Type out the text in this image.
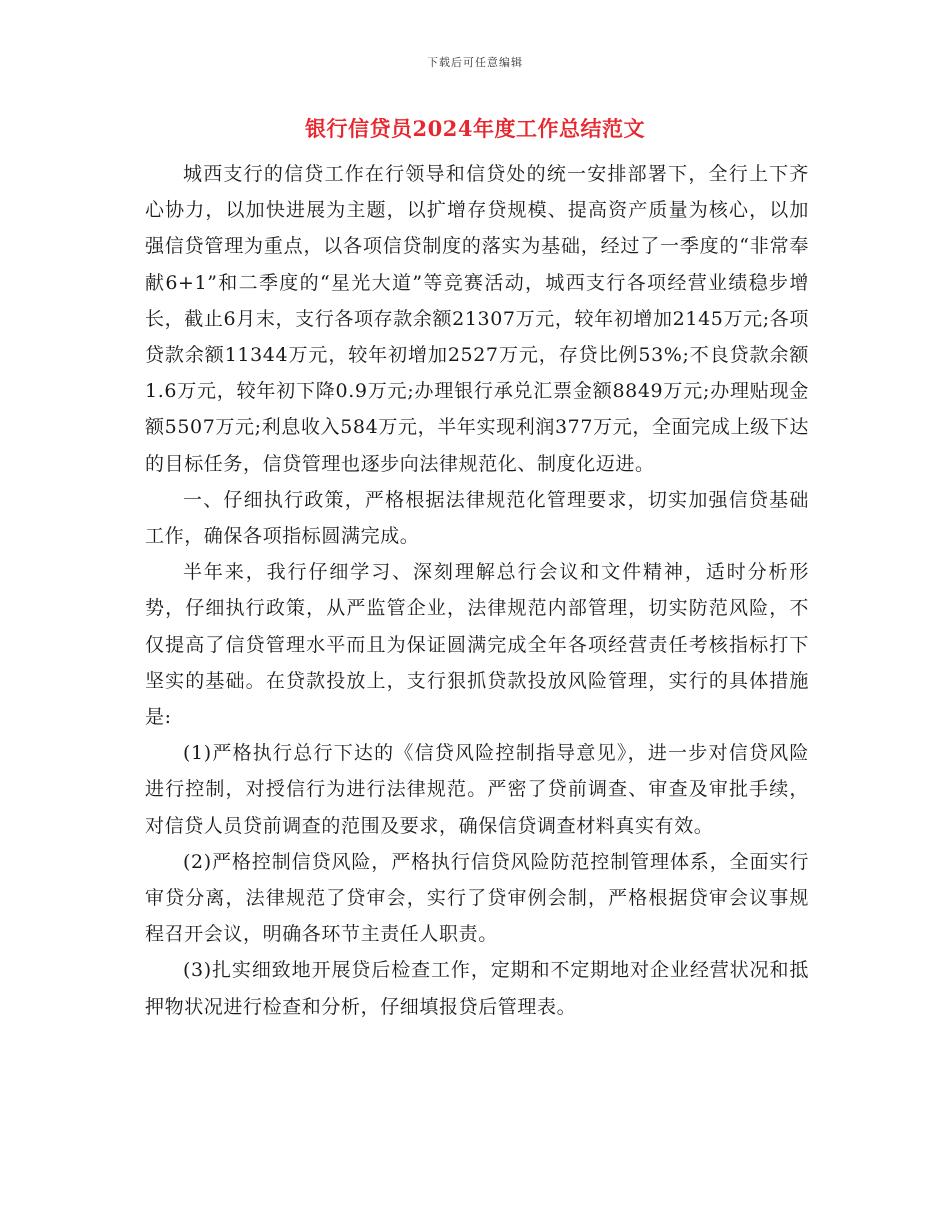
下载后可任意编辑
银行信贷员2024年度工作总结范文

城西支行的信贷工作在行领导和信贷处的统一安排部署下，全行上下齐心协力，以加快进展为主题，以扩增存贷规模、提高资产质量为核心，以加强信贷管理为重点，以各项信贷制度的落实为基础，经过了一季度的“非常奉献6+1”和二季度的“星光大道”等竞赛活动，城西支行各项经营业绩稳步增长，截止6月末，支行各项存款余额21307万元，较年初增加2145万元;各项贷款余额11344万元，较年初增加2527万元，存贷比例53%;不良贷款余额1.6万元，较年初下降0.9万元;办理银行承兑汇票金额8849万元;办理贴现金额5507万元;利息收入584万元，半年实现利润377万元，全面完成上级下达的目标任务，信贷管理也逐步向法律规范化、制度化迈进。

一、仔细执行政策，严格根据法律规范化管理要求，切实加强信贷基础工作，确保各项指标圆满完成。

半年来，我行仔细学习、深刻理解总行会议和文件精神，适时分析形势，仔细执行政策，从严监管企业，法律规范内部管理，切实防范风险，不仅提高了信贷管理水平而且为保证圆满完成全年各项经营责任考核指标打下坚实的基础。在贷款投放上，支行狠抓贷款投放风险管理，实行的具体措施是:

(1)严格执行总行下达的《信贷风险控制指导意见》，进一步对信贷风险进行控制，对授信行为进行法律规范。严密了贷前调查、审查及审批手续，对信贷人员贷前调查的范围及要求，确保信贷调查材料真实有效。

(2)严格控制信贷风险，严格执行信贷风险防范控制管理体系，全面实行审贷分离，法律规范了贷审会，实行了贷审例会制，严格根据贷审会议事规程召开会议，明确各环节主责任人职责。

(3)扎实细致地开展贷后检查工作，定期和不定期地对企业经营状况和抵押物状况进行检查和分析，仔细填报贷后管理表。
